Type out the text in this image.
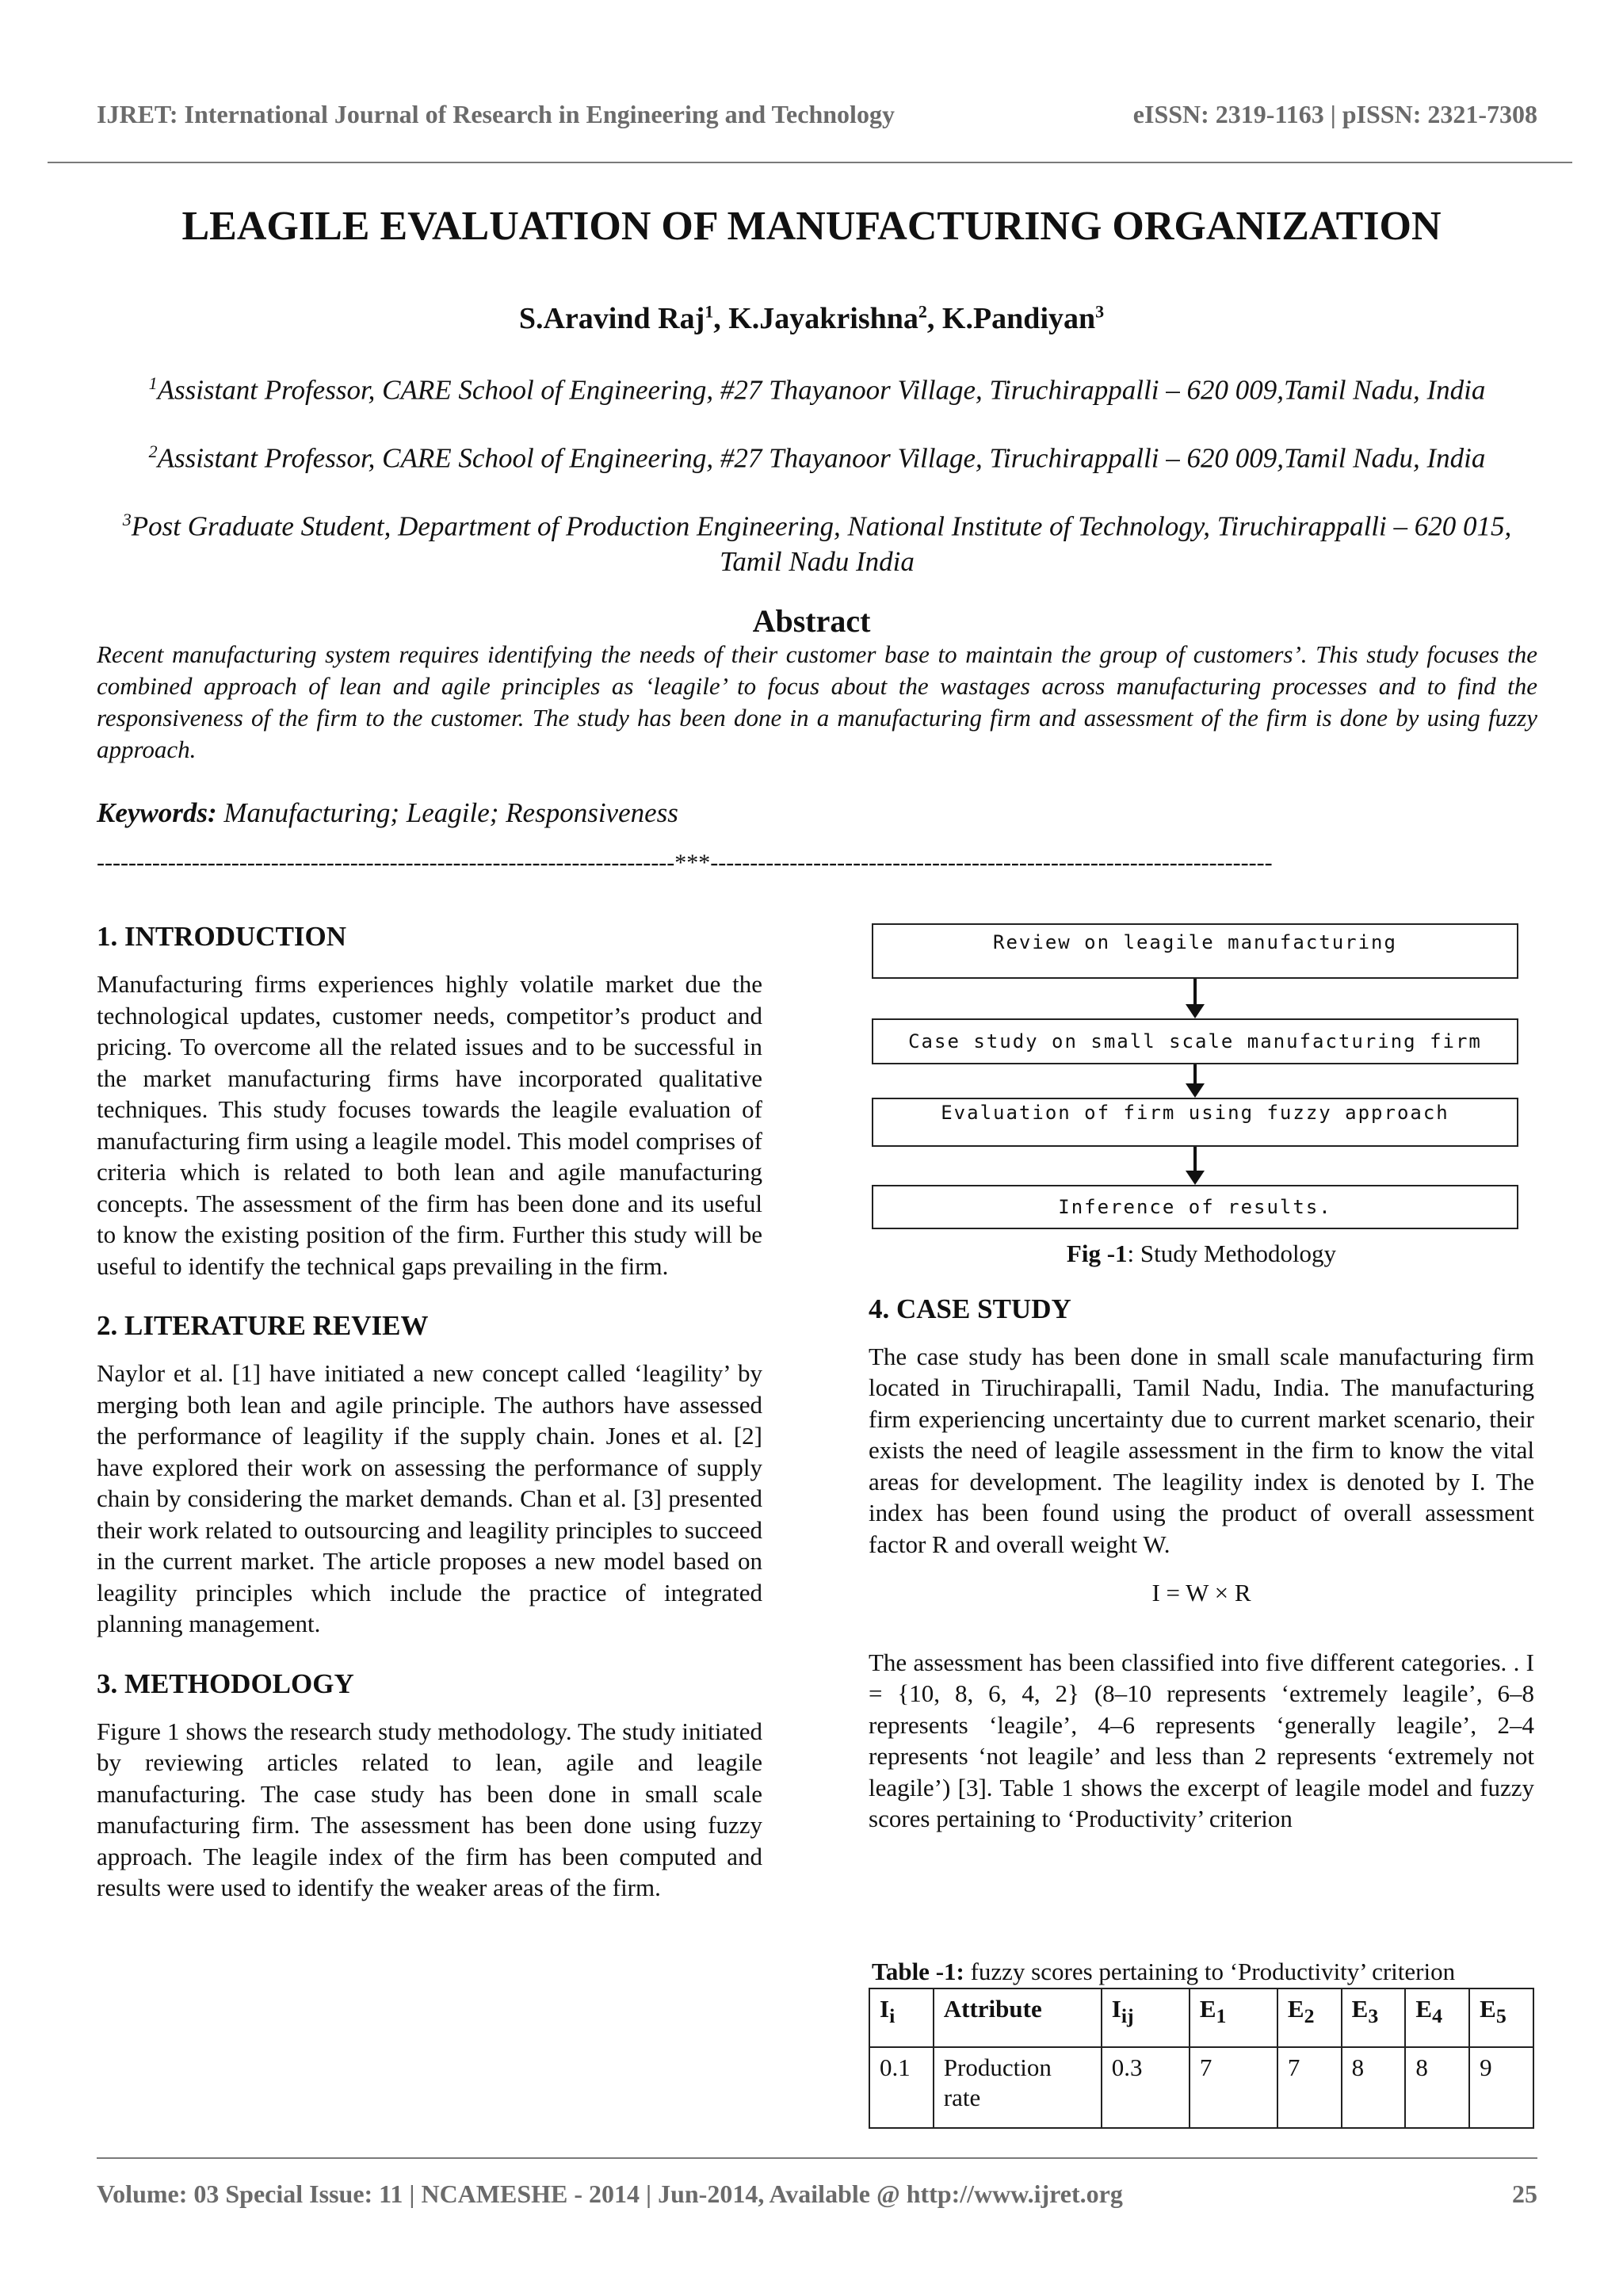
IJRET: International Journal of Research in Engineering and Technology	eISSN: 2319-1163 | pISSN: 2321-7308
LEAGILE EVALUATION OF MANUFACTURING ORGANIZATION
S.Aravind Raj$^1$, K.Jayakrishna$^2$, K.Pandiyan$^3$
$^1$Assistant Professor, CARE School of Engineering, #27 Thayanoor Village, Tiruchirappalli – 620 009,Tamil Nadu, India
$^2$Assistant Professor, CARE School of Engineering, #27 Thayanoor Village, Tiruchirappalli – 620 009,Tamil Nadu, India
$^3$Post Graduate Student, Department of Production Engineering, National Institute of Technology, Tiruchirappalli – 620 015, Tamil Nadu India
Abstract
Recent manufacturing system requires identifying the needs of their customer base to maintain the group of customers’. This study focuses the combined approach of lean and agile principles as ‘leagile’ to focus about the wastages across manufacturing processes and to find the responsiveness of the firm to the customer. The study has been done in a manufacturing firm and assessment of the firm is done by using fuzzy approach.
Keywords: Manufacturing; Leagile; Responsiveness
-------------------------------------------------------------------------***-----------------------------------------------------------------------
1. INTRODUCTION

Manufacturing firms experiences highly volatile market due the technological updates, customer needs, competitor’s product and pricing. To overcome all the related issues and to be successful in the market manufacturing firms have incorporated qualitative techniques. This study focuses towards the leagile evaluation of manufacturing firm using a leagile model. This model comprises of criteria which is related to both lean and agile manufacturing concepts. The assessment of the firm has been done and its useful to know the existing position of the firm. Further this study will be useful to identify the technical gaps prevailing in the firm.

2. LITERATURE REVIEW

Naylor et al. [1] have initiated a new concept called ‘leagility’ by merging both lean and agile principle. The authors have assessed the performance of leagility if the supply chain. Jones et al. [2] have explored their work on assessing the performance of supply chain by considering the market demands. Chan et al. [3] presented their work related to outsourcing and leagility principles to succeed in the current market. The article proposes a new model based on leagility principles which include the practice of integrated planning management.

3. METHODOLOGY

Figure 1 shows the research study methodology. The study initiated by reviewing articles related to lean, agile and leagile manufacturing. The case study has been done in small scale manufacturing firm. The assessment has been done using fuzzy approach. The leagile index of the firm has been computed and results were used to identify the weaker areas of the firm.

Review on leagile manufacturing
Case study on small scale manufacturing firm
Evaluation of firm using fuzzy approach
Inference of results.
Fig -1: Study Methodology
4. CASE STUDY

The case study has been done in small scale manufacturing firm located in Tiruchirapalli, Tamil Nadu, India. The manufacturing firm experiencing uncertainty due to current market scenario, their exists the need of leagile assessment in the firm to know the vital areas for development. The leagility index is denoted by I. The index has been found using the product of overall assessment factor R and overall weight W.

I = W × R

The assessment has been classified into five different categories. . I = {10, 8, 6, 4, 2} (8–10 represents ‘extremely leagile’, 6–8 represents ‘leagile’, 4–6 represents ‘generally leagile’, 2–4 represents ‘not leagile’ and less than 2 represents ‘extremely not leagile’) [3]. Table 1 shows the excerpt of leagile model and fuzzy scores pertaining to ‘Productivity’ criterion

Table -1: fuzzy scores pertaining to ‘Productivity’ criterion
$I_i$	Attribute	$I_{ij}$	$E_1$	$E_2$	$E_3$	$E_4$	$E_5$
0.1	Production rate	0.3	7	7	8	8	9
Volume: 03 Special Issue: 11 | NCAMESHE - 2014 | Jun-2014, Available @ http://www.ijret.org	25
